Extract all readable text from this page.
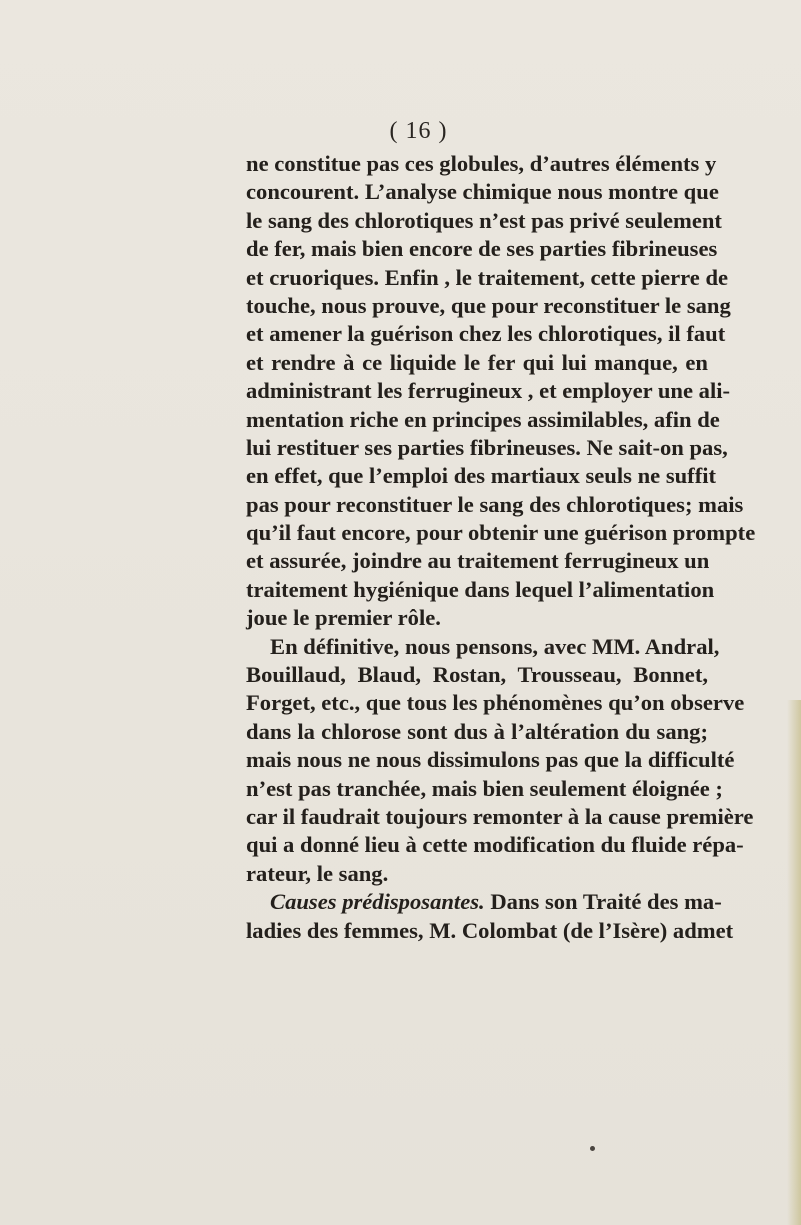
( 16 )
ne constitue pas ces globules, d’autres éléments y
concourent. L’analyse chimique nous montre que
le sang des chlorotiques n’est pas privé seulement
de fer, mais bien encore de ses parties fibrineuses
et cruoriques. Enfin , le traitement, cette pierre de
touche, nous prouve, que pour reconstituer le sang
et amener la guérison chez les chlorotiques, il faut
et rendre à ce liquide le fer qui lui manque, en
administrant les ferrugineux , et employer une ali-
mentation riche en principes assimilables, afin de
lui restituer ses parties fibrineuses. Ne sait-on pas,
en effet, que l’emploi des martiaux seuls ne suffit
pas pour reconstituer le sang des chlorotiques; mais
qu’il faut encore, pour obtenir une guérison prompte
et assurée, joindre au traitement ferrugineux un
traitement hygiénique dans lequel l’alimentation
joue le premier rôle.
En définitive, nous pensons, avec MM. Andral,
Bouillaud, Blaud, Rostan, Trousseau, Bonnet,
Forget, etc., que tous les phénomènes qu’on observe
dans la chlorose sont dus à l’altération du sang;
mais nous ne nous dissimulons pas que la difficulté
n’est pas tranchée, mais bien seulement éloignée ;
car il faudrait toujours remonter à la cause première
qui a donné lieu à cette modification du fluide répa-
rateur, le sang.
Causes prédisposantes. Dans son Traité des ma-
ladies des femmes, M. Colombat (de l’Isère) admet
